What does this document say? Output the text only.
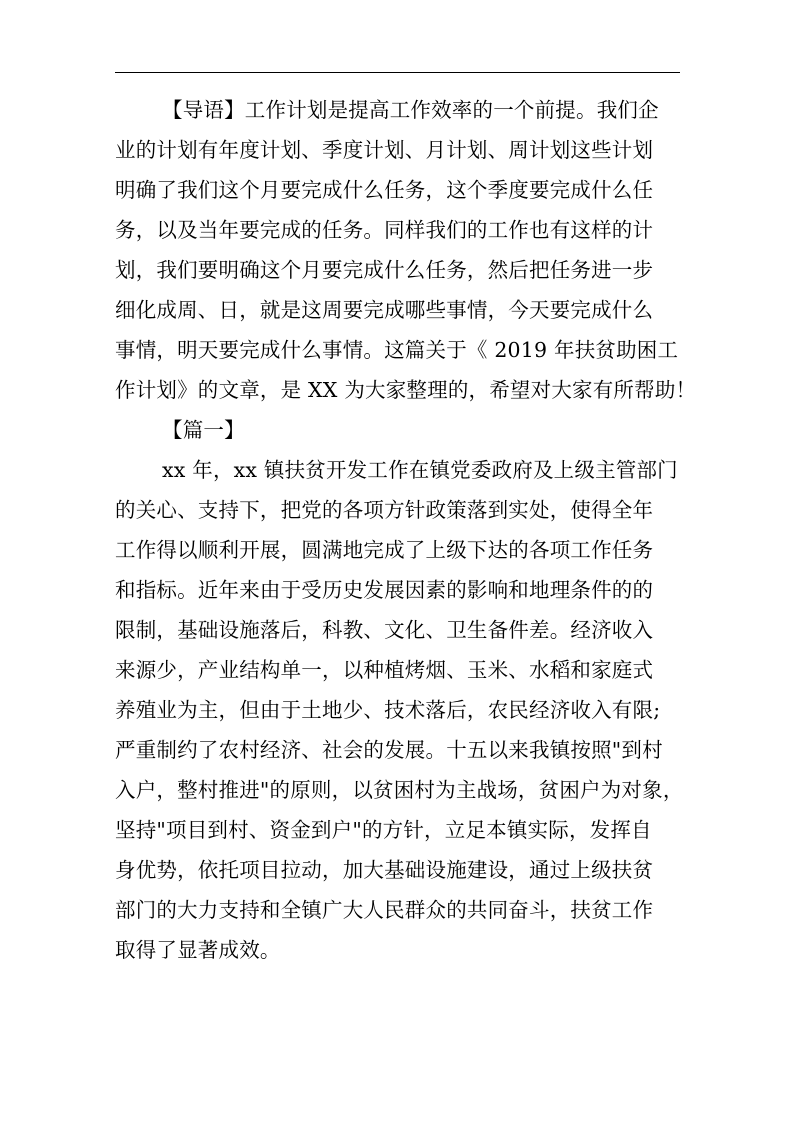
【导语】工作计划是提高工作效率的一个前提。我们企
业的计划有年度计划、季度计划、月计划、周计划这些计划
明确了我们这个月要完成什么任务，这个季度要完成什么任
务，以及当年要完成的任务。同样我们的工作也有这样的计
划，我们要明确这个月要完成什么任务，然后把任务进一步
细化成周、日，就是这周要完成哪些事情，今天要完成什么
事情，明天要完成什么事情。这篇关于《 2019 年扶贫助困工
作计划》的文章，是 XX 为大家整理的，希望对大家有所帮助！
【篇一】
xx 年，xx 镇扶贫开发工作在镇党委政府及上级主管部门
的关心、支持下，把党的各项方针政策落到实处，使得全年
工作得以顺利开展，圆满地完成了上级下达的各项工作任务
和指标。近年来由于受历史发展因素的影响和地理条件的的
限制，基础设施落后，科教、文化、卫生备件差。经济收入
来源少，产业结构单一，以种植烤烟、玉米、水稻和家庭式
养殖业为主，但由于土地少、技术落后，农民经济收入有限;
严重制约了农村经济、社会的发展。十五以来我镇按照"到村
入户，整村推进"的原则，以贫困村为主战场，贫困户为对象，
坚持"项目到村、资金到户"的方针，立足本镇实际，发挥自
身优势，依托项目拉动，加大基础设施建设，通过上级扶贫
部门的大力支持和全镇广大人民群众的共同奋斗，扶贫工作
取得了显著成效。
